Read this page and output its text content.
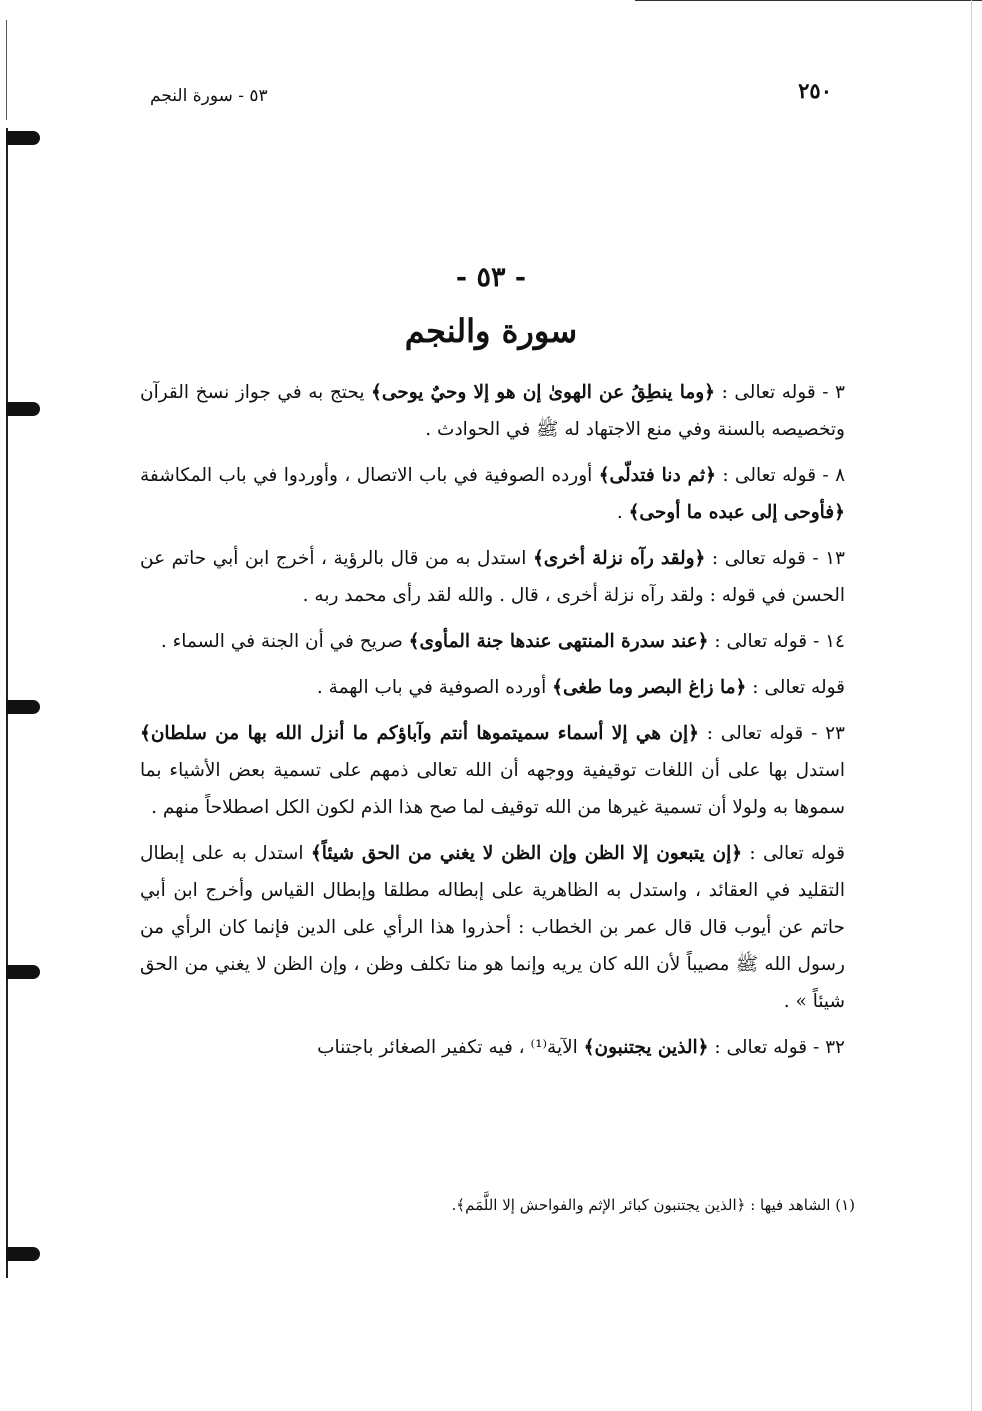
٢٥٠
٥٣ - سورة النجم
- ٥٣ -
سورة والنجم

٣ - قوله تعالى : ﴿وما ينطِقُ عن الهوىٰ إن هو إلا وحيٌ يوحى﴾ يحتج به في جواز نسخ القرآن وتخصيصه بالسنة وفي منع الاجتهاد له ﷺ في الحوادث .

٨ - قوله تعالى : ﴿ثم دنا فتدلّى﴾ أورده الصوفية في باب الاتصال ، وأوردوا في باب المكاشفة ﴿فأوحى إلى عبده ما أوحى﴾ .

١٣ - قوله تعالى : ﴿ولقد رآه نزلة أخرى﴾ استدل به من قال بالرؤية ، أخرج ابن أبي حاتم عن الحسن في قوله : ولقد رآه نزلة أخرى ، قال . والله لقد رأى محمد ربه .

١٤ - قوله تعالى : ﴿عند سدرة المنتهى عندها جنة المأوى﴾ صريح في أن الجنة في السماء .

قوله تعالى : ﴿ما زاغ البصر وما طغى﴾ أورده الصوفية في باب الهمة .

٢٣ - قوله تعالى : ﴿إن هي إلا أسماء سميتموها أنتم وآباؤكم ما أنزل الله بها من سلطان﴾ استدل بها على أن اللغات توقيفية ووجهه أن الله تعالى ذمهم على تسمية بعض الأشياء بما سموها به ولولا أن تسمية غيرها من الله توقيف لما صح هذا الذم لكون الكل اصطلاحاً منهم .

قوله تعالى : ﴿إن يتبعون إلا الظن وإن الظن لا يغني من الحق شيئاً﴾ استدل به على إبطال التقليد في العقائد ، واستدل به الظاهرية على إبطاله مطلقا وإبطال القياس وأخرج ابن أبي حاتم عن أيوب قال قال عمر بن الخطاب : أحذروا هذا الرأي على الدين فإنما كان الرأي من رسول الله ﷺ مصيباً لأن الله كان يريه وإنما هو منا تكلف وظن ، وإن الظن لا يغني من الحق شيئاً » .

٣٢ - قوله تعالى : ﴿الذين يجتنبون﴾ الآية⁽¹⁾ ، فيه تكفير الصغائر باجتناب

(١) الشاهد فيها : ﴿الذين يجتنبون كبائر الإثم والفواحش إلا اللَّمَم﴾.
